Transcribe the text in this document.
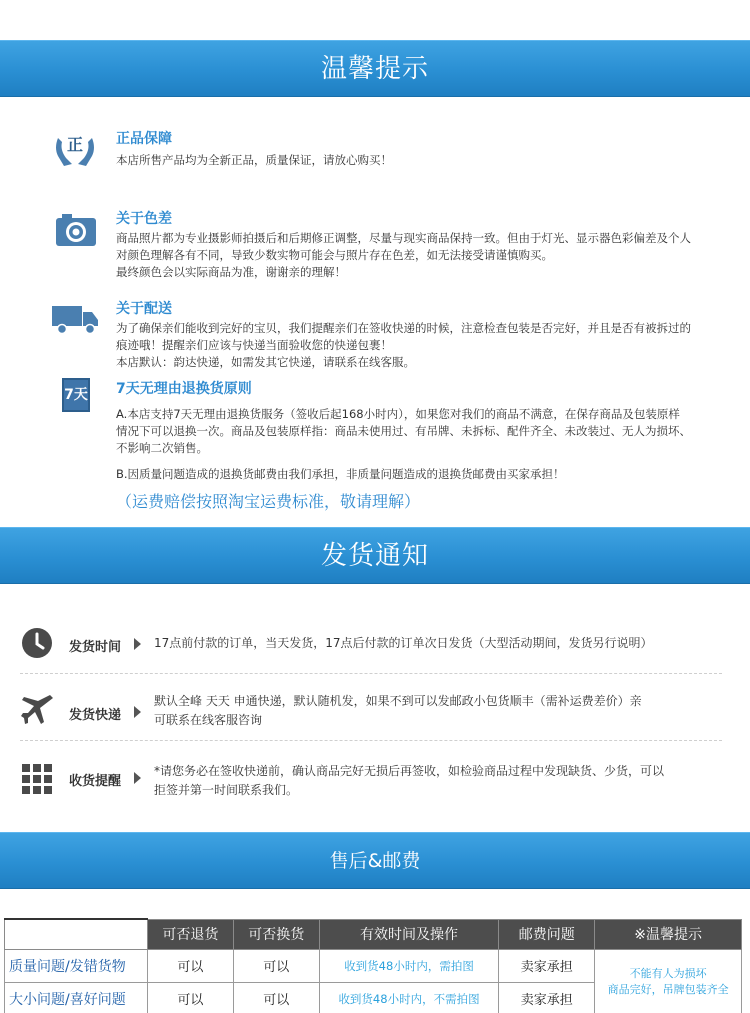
温馨提示
正 正品保障

本店所售产品均为全新正品，质量保证，请放心购买！

关于色差

商品照片都为专业摄影师拍摄后和后期修正调整，尽量与现实商品保持一致。但由于灯光、显示器色彩偏差及个人

对颜色理解各有不同，导致少数实物可能会与照片存在色差，如无法接受请谨慎购买。

最终颜色会以实际商品为准，谢谢亲的理解！

关于配送

为了确保亲们能收到完好的宝贝，我们提醒亲们在签收快递的时候，注意检查包装是否完好，并且是否有被拆过的

痕迹哦！提醒亲们应该与快递当面验收您的快递包裹！

本店默认：韵达快递，如需发其它快递，请联系在线客服。

7天 7天无理由退换货原则

A.本店支持7天无理由退换货服务（签收后起168小时内），如果您对我们的商品不满意，在保存商品及包装原样

情况下可以退换一次。商品及包装原样指：商品未使用过、有吊牌、未拆标、配件齐全、未改装过、无人为损坏、

不影响二次销售。

B.因质量问题造成的退换货邮费由我们承担，非质量问题造成的退换货邮费由买家承担！

（运费赔偿按照淘宝运费标准，敬请理解）
发货通知
发货时间	17点前付款的订单，当天发货，17点后付款的订单次日发货（大型活动期间，发货另行说明）
发货快递
默认全峰 天天 申通快递，默认随机发，如果不到可以发邮政小包货顺丰（需补运费差价）亲
可联系在线客服咨询
收货提醒
*请您务必在签收快递前，确认商品完好无损后再签收，如检验商品过程中发现缺货、少货，可以
拒签并第一时间联系我们。
售后&邮费
	可否退货	可否换货	有效时间及操作	邮费问题	※温馨提示
质量问题/发错货物	可以	可以	收到货48小时内，需拍图	卖家承担	不能有人为损坏
商品完好，吊牌包装齐全

大小问题/喜好问题	可以	可以	收到货48小时内，不需拍图	卖家承担	
